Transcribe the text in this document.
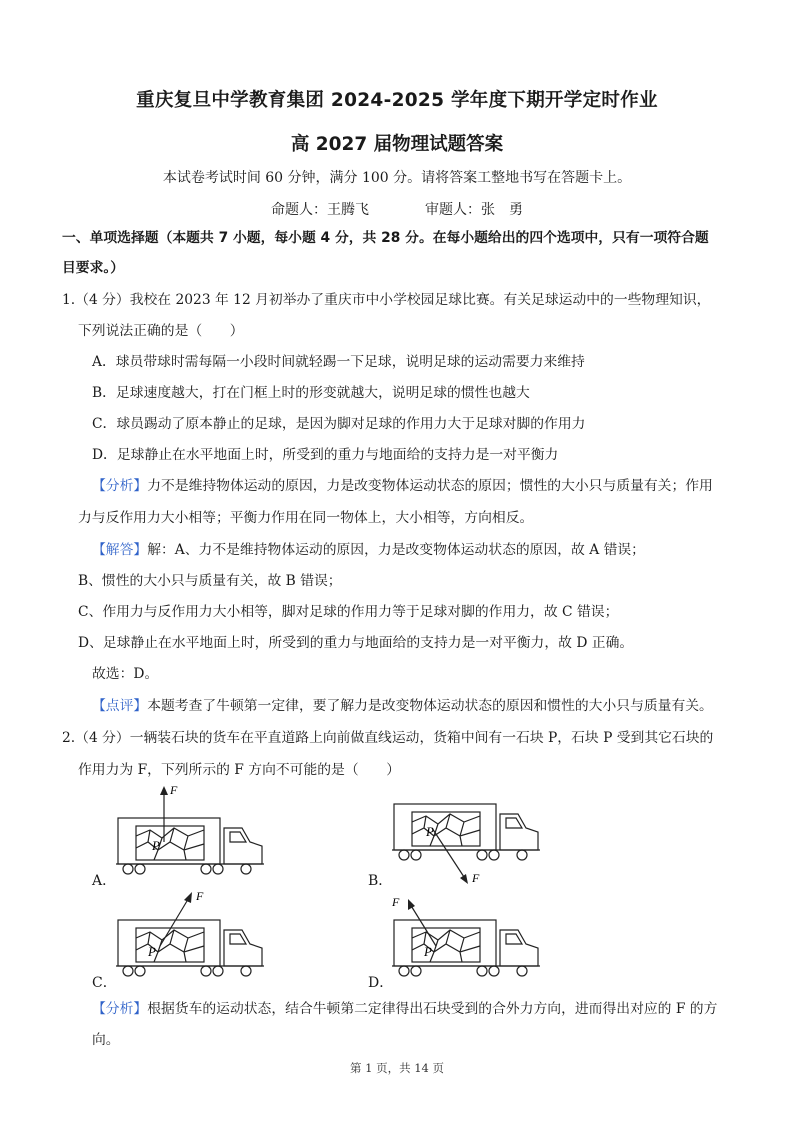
重庆复旦中学教育集团 2024-2025 学年度下期开学定时作业
高 2027 届物理试题答案
本试卷考试时间 60 分钟，满分 100 分。请将答案工整地书写在答题卡上。
命题人：王腾飞　　　　审题人：张　勇
一、单项选择题（本题共 7 小题，每小题 4 分，共 28 分。在每小题给出的四个选项中，只有一项符合题
目要求。）
1.（4 分）我校在 2023 年 12 月初举办了重庆市中小学校园足球比赛。有关足球运动中的一些物理知识，
下列说法正确的是（　　）
A．球员带球时需每隔一小段时间就轻踢一下足球，说明足球的运动需要力来维持
B．足球速度越大，打在门框上时的形变就越大，说明足球的惯性也越大
C．球员踢动了原本静止的足球，是因为脚对足球的作用力大于足球对脚的作用力
D．足球静止在水平地面上时，所受到的重力与地面给的支持力是一对平衡力
【分析】力不是维持物体运动的原因，力是改变物体运动状态的原因；惯性的大小只与质量有关；作用
力与反作用力大小相等；平衡力作用在同一物体上，大小相等，方向相反。
【解答】解：A、力不是维持物体运动的原因，力是改变物体运动状态的原因，故 A 错误；
B、惯性的大小只与质量有关，故 B 错误；
C、作用力与反作用力大小相等，脚对足球的作用力等于足球对脚的作用力，故 C 错误；
D、足球静止在水平地面上时，所受到的重力与地面给的支持力是一对平衡力，故 D 正确。
故选：D。
【点评】本题考查了牛顿第一定律，要了解力是改变物体运动状态的原因和惯性的大小只与质量有关。
2.（4 分）一辆装石块的货车在平直道路上向前做直线运动，货箱中间有一石块 P，石块 P 受到其它石块的
作用力为 F，下列所示的 F 方向不可能的是（　　）
F
P
A．	F
P
B．
F
P
C．
F
P
D．
【分析】根据货车的运动状态，结合牛顿第二定律得出石块受到的合外力方向，进而得出对应的 F 的方
向。
第 1 页，共 14 页
